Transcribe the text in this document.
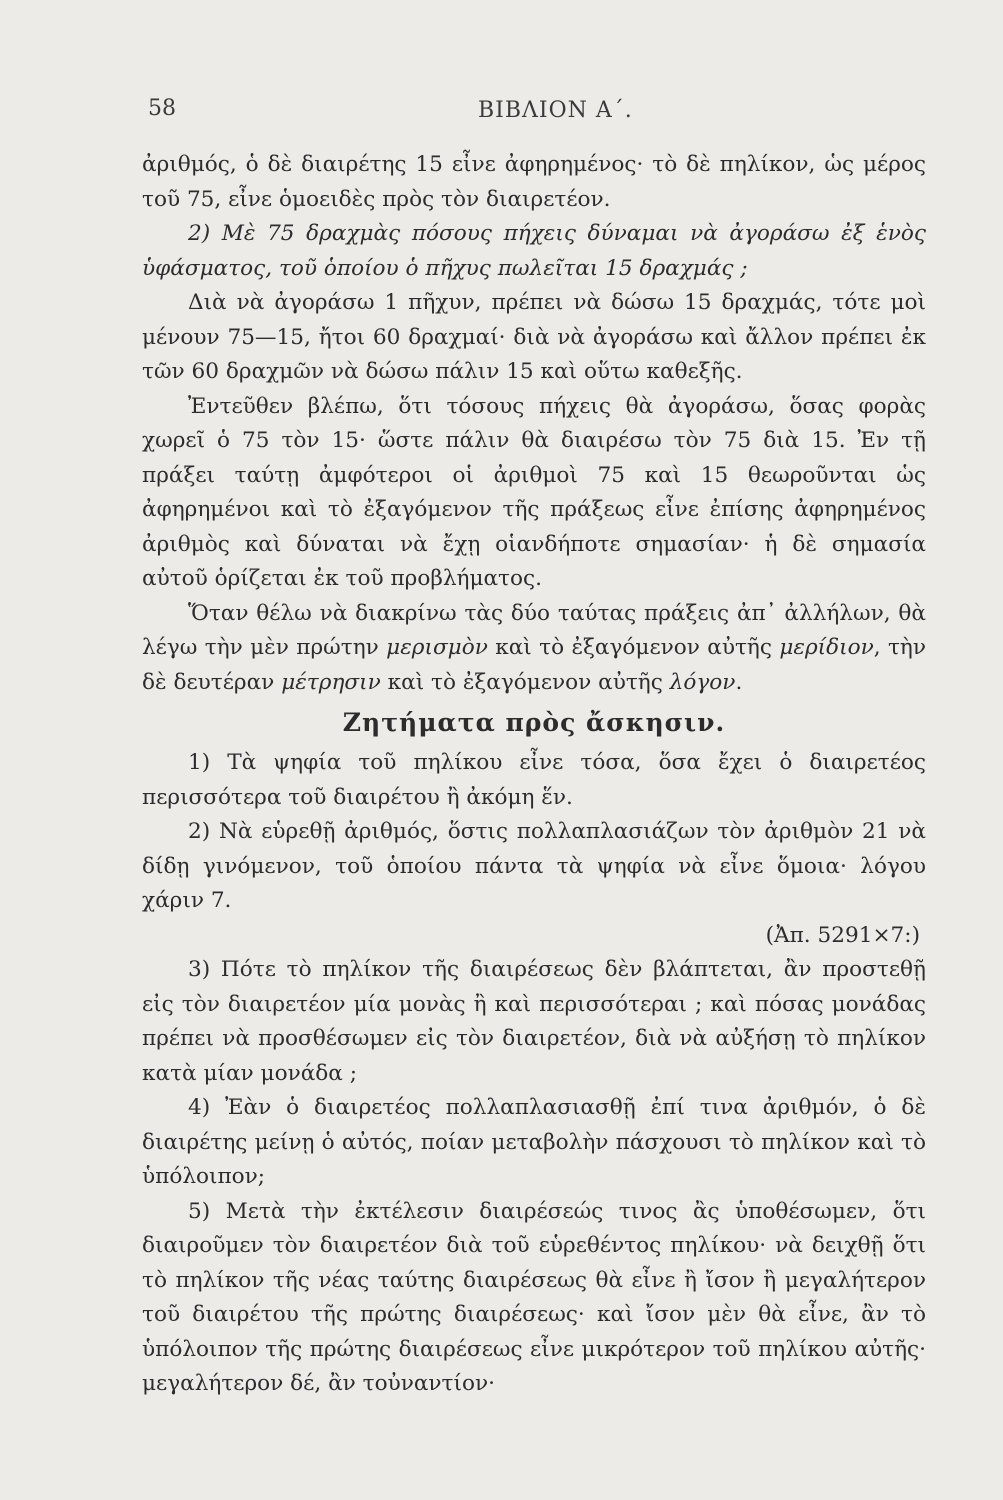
58	ΒΙΒΛΙΟΝ Α΄.

ἀριθμός, ὁ δὲ διαιρέτης 15 εἶνε ἀφηρημένος· τὸ δὲ πηλίκον, ὡς μέρος τοῦ 75, εἶνε ὁμοειδὲς πρὸς τὸν διαιρετέον.

2) Μὲ 75 δραχμὰς πόσους πήχεις δύναμαι νὰ ἀγοράσω ἐξ ἑνὸς ὑφάσματος, τοῦ ὁποίου ὁ πῆχυς πωλεῖται 15 δραχμάς ;

Διὰ νὰ ἀγοράσω 1 πῆχυν, πρέπει νὰ δώσω 15 δραχμάς, τότε μοὶ μένουν 75—15, ἤτοι 60 δραχμαί· διὰ νὰ ἀγοράσω καὶ ἄλλον πρέπει ἐκ τῶν 60 δραχμῶν νὰ δώσω πάλιν 15 καὶ οὕτω καθεξῆς.

Ἐντεῦθεν βλέπω, ὅτι τόσους πήχεις θὰ ἀγοράσω, ὅσας φορὰς χωρεῖ ὁ 75 τὸν 15· ὥστε πάλιν θὰ διαιρέσω τὸν 75 διὰ 15. Ἐν τῇ πράξει ταύτῃ ἀμφότεροι οἱ ἀριθμοὶ 75 καὶ 15 θεωροῦνται ὡς ἀφηρημένοι καὶ τὸ ἐξαγόμενον τῆς πράξεως εἶνε ἐπίσης ἀφηρημένος ἀριθμὸς καὶ δύναται νὰ ἔχῃ οἱανδήποτε σημασίαν· ἡ δὲ σημασία αὐτοῦ ὁρίζεται ἐκ τοῦ προβλήματος.

Ὅταν θέλω νὰ διακρίνω τὰς δύο ταύτας πράξεις ἀπ᾽ ἀλλήλων, θὰ λέγω τὴν μὲν πρώτην μερισμὸν καὶ τὸ ἐξαγόμενον αὐτῆς μερίδιον, τὴν δὲ δευτέραν μέτρησιν καὶ τὸ ἐξαγόμενον αὐτῆς λόγον.

Ζητήματα πρὸς ἄσκησιν.

1) Τὰ ψηφία τοῦ πηλίκου εἶνε τόσα, ὅσα ἔχει ὁ διαιρετέος περισσότερα τοῦ διαιρέτου ἢ ἀκόμη ἕν.

2) Νὰ εὑρεθῇ ἀριθμός, ὅστις πολλαπλασιάζων τὸν ἀριθμὸν 21 νὰ δίδῃ γινόμενον, τοῦ ὁποίου πάντα τὰ ψηφία νὰ εἶνε ὅμοια· λόγου χάριν 7.

(Ἀπ. 5291×7:)

3) Πότε τὸ πηλίκον τῆς διαιρέσεως δὲν βλάπτεται, ἂν προστεθῇ εἰς τὸν διαιρετέον μία μονὰς ἢ καὶ περισσότεραι ; καὶ πόσας μονάδας πρέπει νὰ προσθέσωμεν εἰς τὸν διαιρετέον, διὰ νὰ αὐξήσῃ τὸ πηλίκον κατὰ μίαν μονάδα ;

4) Ἐὰν ὁ διαιρετέος πολλαπλασιασθῇ ἐπί τινα ἀριθμόν, ὁ δὲ διαιρέτης μείνῃ ὁ αὐτός, ποίαν μεταβολὴν πάσχουσι τὸ πηλίκον καὶ τὸ ὑπόλοιπον;

5) Μετὰ τὴν ἐκτέλεσιν διαιρέσεώς τινος ἂς ὑποθέσωμεν, ὅτι διαιροῦμεν τὸν διαιρετέον διὰ τοῦ εὑρεθέντος πηλίκου· νὰ δειχθῇ ὅτι τὸ πηλίκον τῆς νέας ταύτης διαιρέσεως θὰ εἶνε ἢ ἴσον ἢ μεγαλήτερον τοῦ διαιρέτου τῆς πρώτης διαιρέσεως· καὶ ἴσον μὲν θὰ εἶνε, ἂν τὸ ὑπόλοιπον τῆς πρώτης διαιρέσεως εἶνε μικρότερον τοῦ πηλίκου αὐτῆς· μεγαλήτερον δέ, ἂν τοὐναντίον·
